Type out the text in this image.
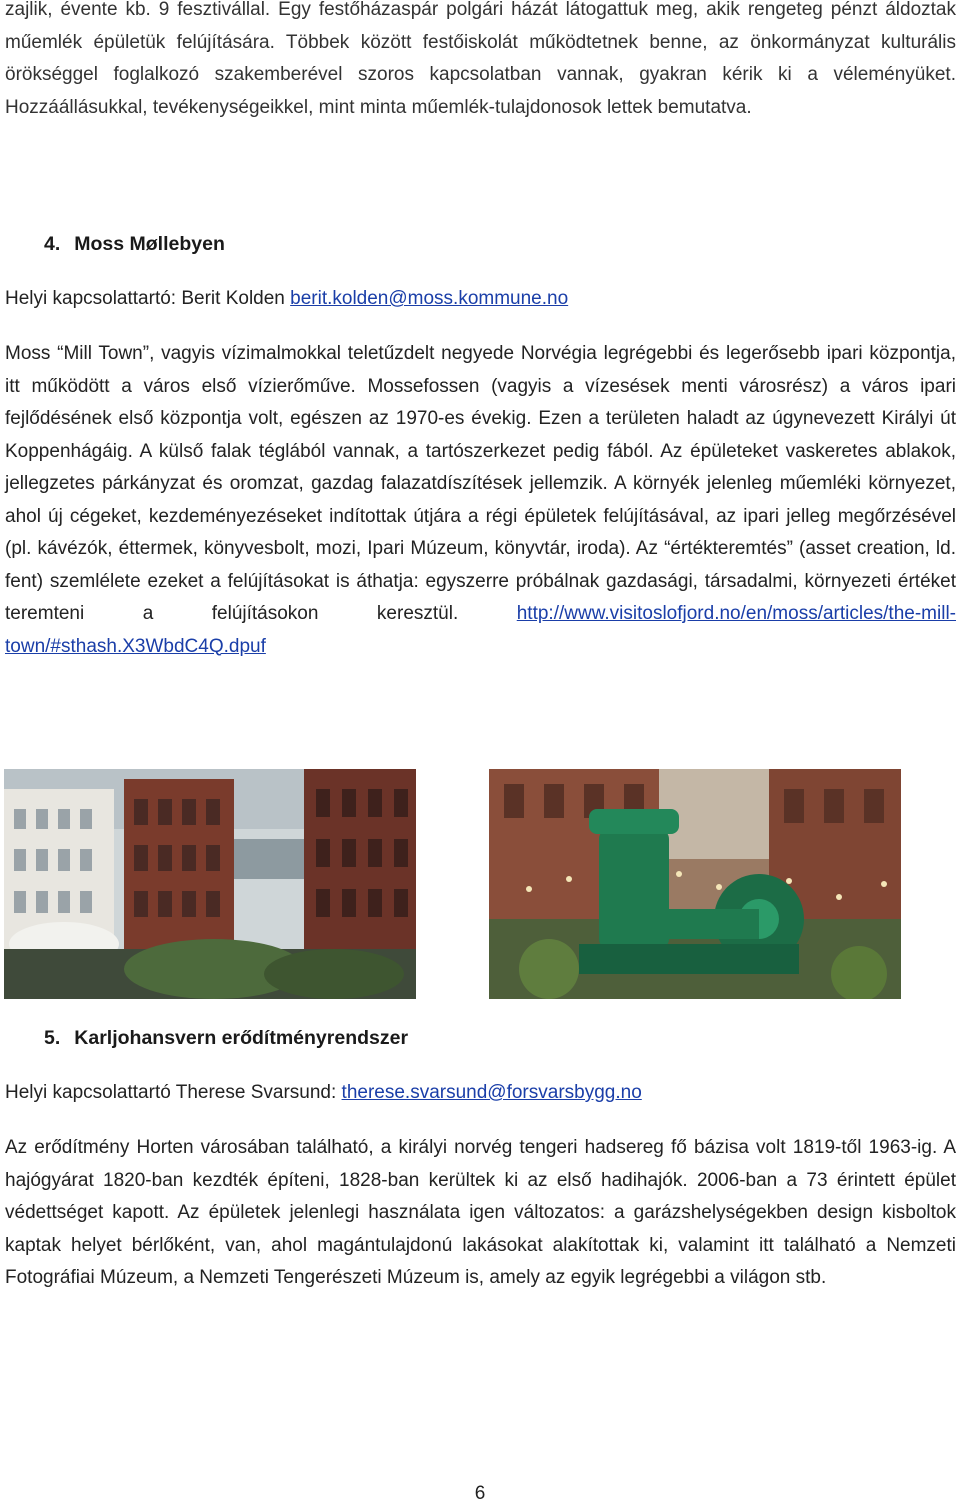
zajlik, évente kb. 9 fesztivállal. Egy festőházaspár polgári házát látogattuk meg, akik rengeteg pénzt áldoztak műemlék épületük felújítására. Többek között festőiskolát működtetnek benne, az önkormányzat kulturális örökséggel foglalkozó szakemberével szoros kapcsolatban vannak, gyakran kérik ki a véleményüket. Hozzáállásukkal, tevékenységeikkel, mint minta műemlék-tulajdonosok lettek bemutatva.

4. Moss Møllebyen

Helyi kapcsolattartó: Berit Kolden berit.kolden@moss.kommune.no

Moss “Mill Town”, vagyis vízimalmokkal teletűzdelt negyede Norvégia legrégebbi és legerősebb ipari központja, itt működött a város első vízierőműve. Mossefossen (vagyis a vízesések menti városrész) a város ipari fejlődésének első központja volt, egészen az 1970-es évekig. Ezen a területen haladt az úgynevezett Királyi út Koppenhágáig. A külső falak téglából vannak, a tartószerkezet pedig fából. Az épületeket vaskeretes ablakok, jellegzetes párkányzat és oromzat, gazdag falazatdíszítések jellemzik. A környék jelenleg műemléki környezet, ahol új cégeket, kezdeményezéseket indítottak útjára a régi épületek felújításával, az ipari jelleg megőrzésével (pl. kávézók, éttermek, könyvesbolt, mozi, Ipari Múzeum, könyvtár, iroda). Az “értékteremtés” (asset creation, ld. fent) szemlélete ezeket a felújításokat is áthatja: egyszerre próbálnak gazdasági, társadalmi, környezeti értéket teremteni a felújításokon keresztül. http://www.visitoslofjord.no/en/moss/articles/the-mill-town/#sthash.X3WbdC4Q.dpuf

5. Karljohansvern erődítményrendszer

Helyi kapcsolattartó Therese Svarsund: therese.svarsund@forsvarsbygg.no

Az erődítmény Horten városában található, a királyi norvég tengeri hadsereg fő bázisa volt 1819-től 1963-ig. A hajógyárat 1820-ban kezdték építeni, 1828-ban kerültek ki az első hadihajók. 2006-ban a 73 érintett épület védettséget kapott. Az épületek jelenlegi használata igen változatos: a garázshelységekben design kisboltok kaptak helyet bérlőként, van, ahol magántulajdonú lakásokat alakítottak ki, valamint itt található a Nemzeti Fotográfiai Múzeum, a Nemzeti Tengerészeti Múzeum is, amely az egyik legrégebbi a világon stb.

6
